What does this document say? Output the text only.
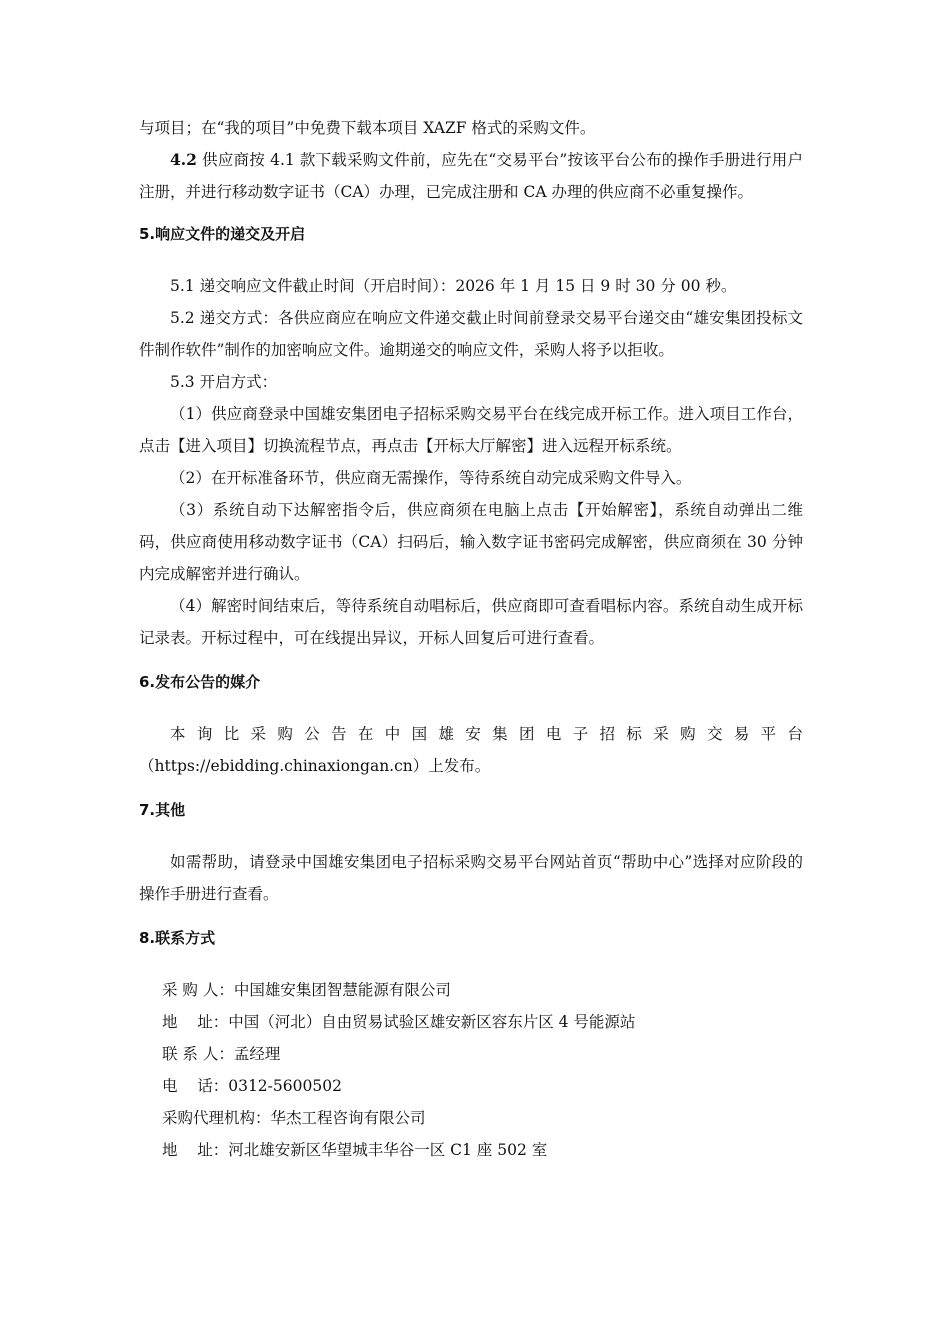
与项目；在“我的项目”中免费下载本项目 XAZF 格式的采购文件。

4.2 供应商按 4.1 款下载采购文件前，应先在“交易平台”按该平台公布的操作手册进行用户注册，并进行移动数字证书（CA）办理，已完成注册和 CA 办理的供应商不必重复操作。

5.响应文件的递交及开启

5.1 递交响应文件截止时间（开启时间）：2026 年 1 月 15 日 9 时 30 分 00 秒。

5.2 递交方式：各供应商应在响应文件递交截止时间前登录交易平台递交由“雄安集团投标文件制作软件”制作的加密响应文件。逾期递交的响应文件，采购人将予以拒收。

5.3 开启方式：

（1）供应商登录中国雄安集团电子招标采购交易平台在线完成开标工作。进入项目工作台，点击【进入项目】切换流程节点，再点击【开标大厅解密】进入远程开标系统。

（2）在开标准备环节，供应商无需操作，等待系统自动完成采购文件导入。

（3）系统自动下达解密指令后，供应商须在电脑上点击【开始解密】，系统自动弹出二维码，供应商使用移动数字证书（CA）扫码后，输入数字证书密码完成解密，供应商须在 30 分钟内完成解密并进行确认。

（4）解密时间结束后，等待系统自动唱标后，供应商即可查看唱标内容。系统自动生成开标记录表。开标过程中，可在线提出异议，开标人回复后可进行查看。

6.发布公告的媒介

本询比采购公告在中国雄安集团电子招标采购交易平台

（https://ebidding.chinaxiongan.cn）上发布。

7.其他

如需帮助，请登录中国雄安集团电子招标采购交易平台网站首页“帮助中心”选择对应阶段的操作手册进行查看。

8.联系方式
采 购 人： 中国雄安集团智慧能源有限公司
地    址： 中国（河北）自由贸易试验区雄安新区容东片区 4 号能源站
联 系 人： 孟经理
电    话： 0312-5600502
采购代理机构： 华杰工程咨询有限公司
地    址： 河北雄安新区华望城丰华谷一区 C1 座 502 室
